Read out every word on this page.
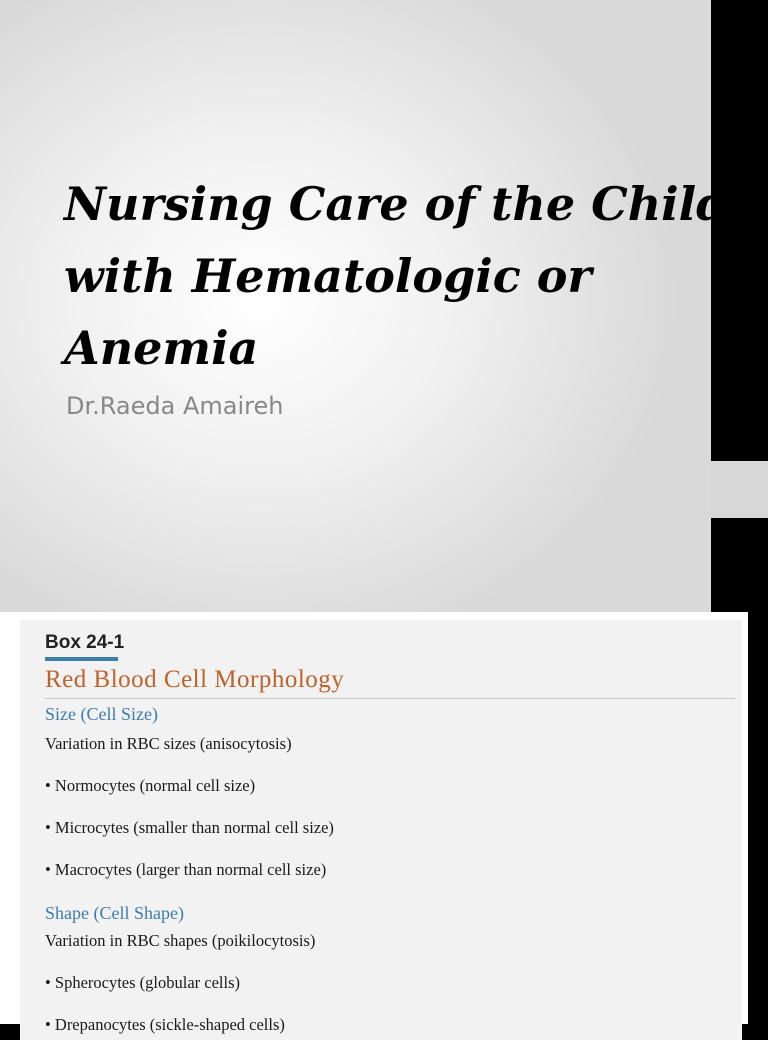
Nursing Care of the Child
with Hematologic or
Anemia

Dr.Raeda Amaireh

Box 24-1
Red Blood Cell Morphology
Size (Cell Size)
Variation in RBC sizes (anisocytosis)
• Normocytes (normal cell size)
• Microcytes (smaller than normal cell size)
• Macrocytes (larger than normal cell size)
Shape (Cell Shape)
Variation in RBC shapes (poikilocytosis)
• Spherocytes (globular cells)
• Drepanocytes (sickle-shaped cells)
